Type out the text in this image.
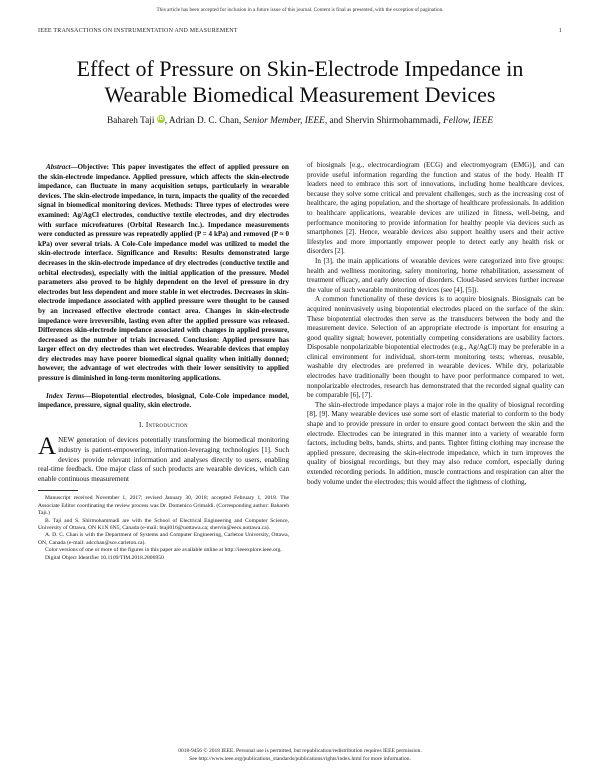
This article has been accepted for inclusion in a future issue of this journal. Content is final as presented, with the exception of pagination.
IEEE TRANSACTIONS ON INSTRUMENTATION AND MEASUREMENT	1
Effect of Pressure on Skin-Electrode Impedance in
Wearable Biomedical Measurement Devices
Bahareh Taji iD, Adrian D. C. Chan, Senior Member, IEEE, and Shervin Shirmohammadi, Fellow, IEEE

Abstract—Objective: This paper investigates the effect of applied pressure on the skin-electrode impedance. Applied pressure, which affects the skin-electrode impedance, can fluctuate in many acquisition setups, particularly in wearable devices. The skin-electrode impedance, in turn, impacts the quality of the recorded signal in biomedical monitoring devices. Methods: Three types of electrodes were examined: Ag/AgCl electrodes, conductive textile electrodes, and dry electrodes with surface microfeatures (Orbital Research Inc.). Impedance measurements were conducted as pressure was repeatedly applied (P = 4 kPa) and removed (P ≈ 0 kPa) over several trials. A Cole-Cole impedance model was utilized to model the skin-electrode interface. Significance and Results: Results demonstrated large decreases in the skin-electrode impedance of dry electrodes (conductive textile and orbital electrodes), especially with the initial application of the pressure. Model parameters also proved to be highly dependent on the level of pressure in dry electrodes but less dependent and more stable in wet electrodes. Decreases in skin-electrode impedance associated with applied pressure were thought to be caused by an increased effective electrode contact area. Changes in skin-electrode impedance were irreversible, lasting even after the applied pressure was released. Differences skin-electrode impedance associated with changes in applied pressure, decreased as the number of trials increased. Conclusion: Applied pressure has larger effect on dry electrodes than wet electrodes. Wearable devices that employ dry electrodes may have poorer biomedical signal quality when initially donned; however, the advantage of wet electrodes with their lower sensitivity to applied pressure is diminished in long-term monitoring applications.

Index Terms—Biopotential electrodes, biosignal, Cole-Cole impedance model, impedance, pressure, signal quality, skin electrode.

I. Introduction

ANEW generation of devices potentially transforming the biomedical monitoring industry is patient-empowering, information-leveraging technologies [1]. Such devices provide relevant information and analyses directly to users, enabling real-time feedback. One major class of such products are wearable devices, which can enable continuous measurement

Manuscript received November 1, 2017; revised January 30, 2018; accepted February 1, 2018. The Associate Editor coordinating the review process was Dr. Domenico Grimaldi. (Corresponding author: Bahareh Taji.)

B. Taji and S. Shirmohammadi are with the School of Electrical Engineering and Computer Science, University of Ottawa, ON K1N 6N5, Canada (e-mail: btaji016@uottawa.ca; shervin@eecs.uottawa.ca).

A. D. C. Chan is with the Department of Systems and Computer Engineering, Carleton University, Ottawa, ON, Canada (e-mail: adcchan@sce.carleton.ca).

Color versions of one or more of the figures in this paper are available online at http://ieeexplore.ieee.org.

Digital Object Identifier 10.1109/TIM.2018.2806950

of biosignals [e.g., electrocardiogram (ECG) and electromyogram (EMG)], and can provide useful information regarding the function and status of the body. Health IT leaders need to embrace this sort of innovations, including home healthcare devices, because they solve some critical and prevalent challenges, such as the increasing cost of healthcare, the aging population, and the shortage of healthcare professionals. In addition to healthcare applications, wearable devices are utilized in fitness, well-being, and performance monitoring to provide information for healthy people via devices such as smartphones [2]. Hence, wearable devices also support healthy users and their active lifestyles and more importantly empower people to detect early any health risk or disorders [2].

In [3], the main applications of wearable devices were categorized into five groups: health and wellness monitoring, safety monitoring, home rehabilitation, assessment of treatment efficacy, and early detection of disorders. Cloud-based services further increase the value of such wearable monitoring devices (see [4], [5]).

A common functionality of these devices is to acquire biosignals. Biosignals can be acquired noninvasively using biopotential electrodes placed on the surface of the skin. These biopotential electrodes then serve as the transducers between the body and the measurement device. Selection of an appropriate electrode is important for ensuring a good quality signal; however, potentially competing considerations are usability factors. Disposable nonpolarizable biopotential electrodes (e.g., Ag/AgCl) may be preferable in a clinical environment for individual, short-term monitoring tests; whereas, reusable, washable dry electrodes are preferred in wearable devices. While dry, polarizable electrodes have traditionally been thought to have poor performance compared to wet, nonpolarizable electrodes, research has demonstrated that the recorded signal quality can be comparable [6], [7].

The skin-electrode impedance plays a major role in the quality of biosignal recording [8], [9]. Many wearable devices use some sort of elastic material to conform to the body shape and to provide pressure in order to ensure good contact between the skin and the electrode. Electrodes can be integrated in this manner into a variety of wearable form factors, including belts, bands, shirts, and pants. Tighter fitting clothing may increase the applied pressure, decreasing the skin-electrode impedance, which in turn improves the quality of biosignal recordings, but they may also reduce comfort, especially during extended recording periods. In addition, muscle contractions and respiration can alter the body volume under the electrodes; this would affect the tightness of clothing,

0018-9456 © 2018 IEEE. Personal use is permitted, but republication/redistribution requires IEEE permission.
See http://www.ieee.org/publications_standards/publications/rights/index.html for more information.
